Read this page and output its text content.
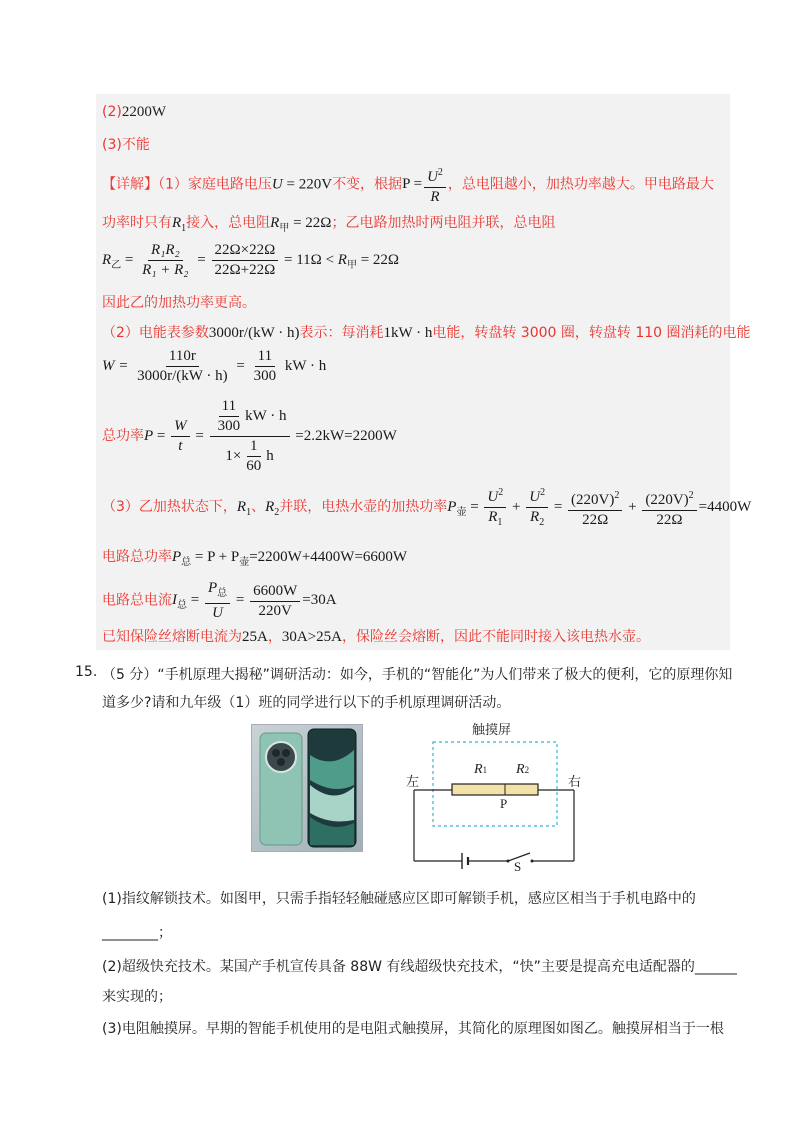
(2)2200W
(3)不能
【详解】（1）家庭电路电压U = 220V不变，根据$P = \frac{U^2}{R}$ ，总电阻越小，加热功率越大。甲电路最大
功率时只有$R_1$接入，总电阻$R_甲 = 22\Omega$；乙电路加热时两电阻并联，总电阻
$R_乙 = \frac{\text{R₁R₂}}{\text{R₁ + R₂}} = \frac{22\Omega\times 22\Omega}{22\Omega+22\Omega} = 11\Omega < R_甲 = 22\Omega$
因此乙的加热功率更高。
（2）电能表参数3000r/(kW · h)表示：每消耗1kW · h电能，转盘转 3000 圈，转盘转 110 圈消耗的电能
$W = \frac{110r}{3000r/(kW \cdot h)} = \frac{11}{300}$ kW · h
总功率$P = \frac{W}{t} = \frac{\frac{11}{300} kW \cdot h}{1\times \frac{1}{60} h} =2.2kW=2200W$
（3）乙加热状态下，$R_1$、$R_2$并联，电热水壶的加热功率$P_壶 = \frac{U^2}{R_1} + \frac{U^2}{R_2} = \frac{(220V)^2}{22\Omega} + \frac{(220V)^2}{22\Omega} =4400W$
电路总功率$P_总 = P + P_壶=2200W+4400W=6600W$
电路总电流$I_总 = \frac{P_总}{U} = \frac{6600W}{220V} =30A$
已知保险丝熔断电流为25A，30A>25A，保险丝会熔断，因此不能同时接入该电热水壶。
15. （5 分）“手机原理大揭秘”调研活动：如今，手机的“智能化”为人们带来了极大的便利，它的原理你知
道多少?请和九年级（1）班的同学进行以下的手机原理调研活动。
触摸屏
左	右
R1 R2
P
S
(1)指纹解锁技术。如图甲，只需手指轻轻触碰感应区即可解锁手机，感应区相当于手机电路中的
________；
(2)超级快充技术。某国产手机宣传具备 88W 有线超级快充技术，“快”主要是提高充电适配器的______
来实现的；
(3)电阻触摸屏。早期的智能手机使用的是电阻式触摸屏，其简化的原理图如图乙。触摸屏相当于一根
